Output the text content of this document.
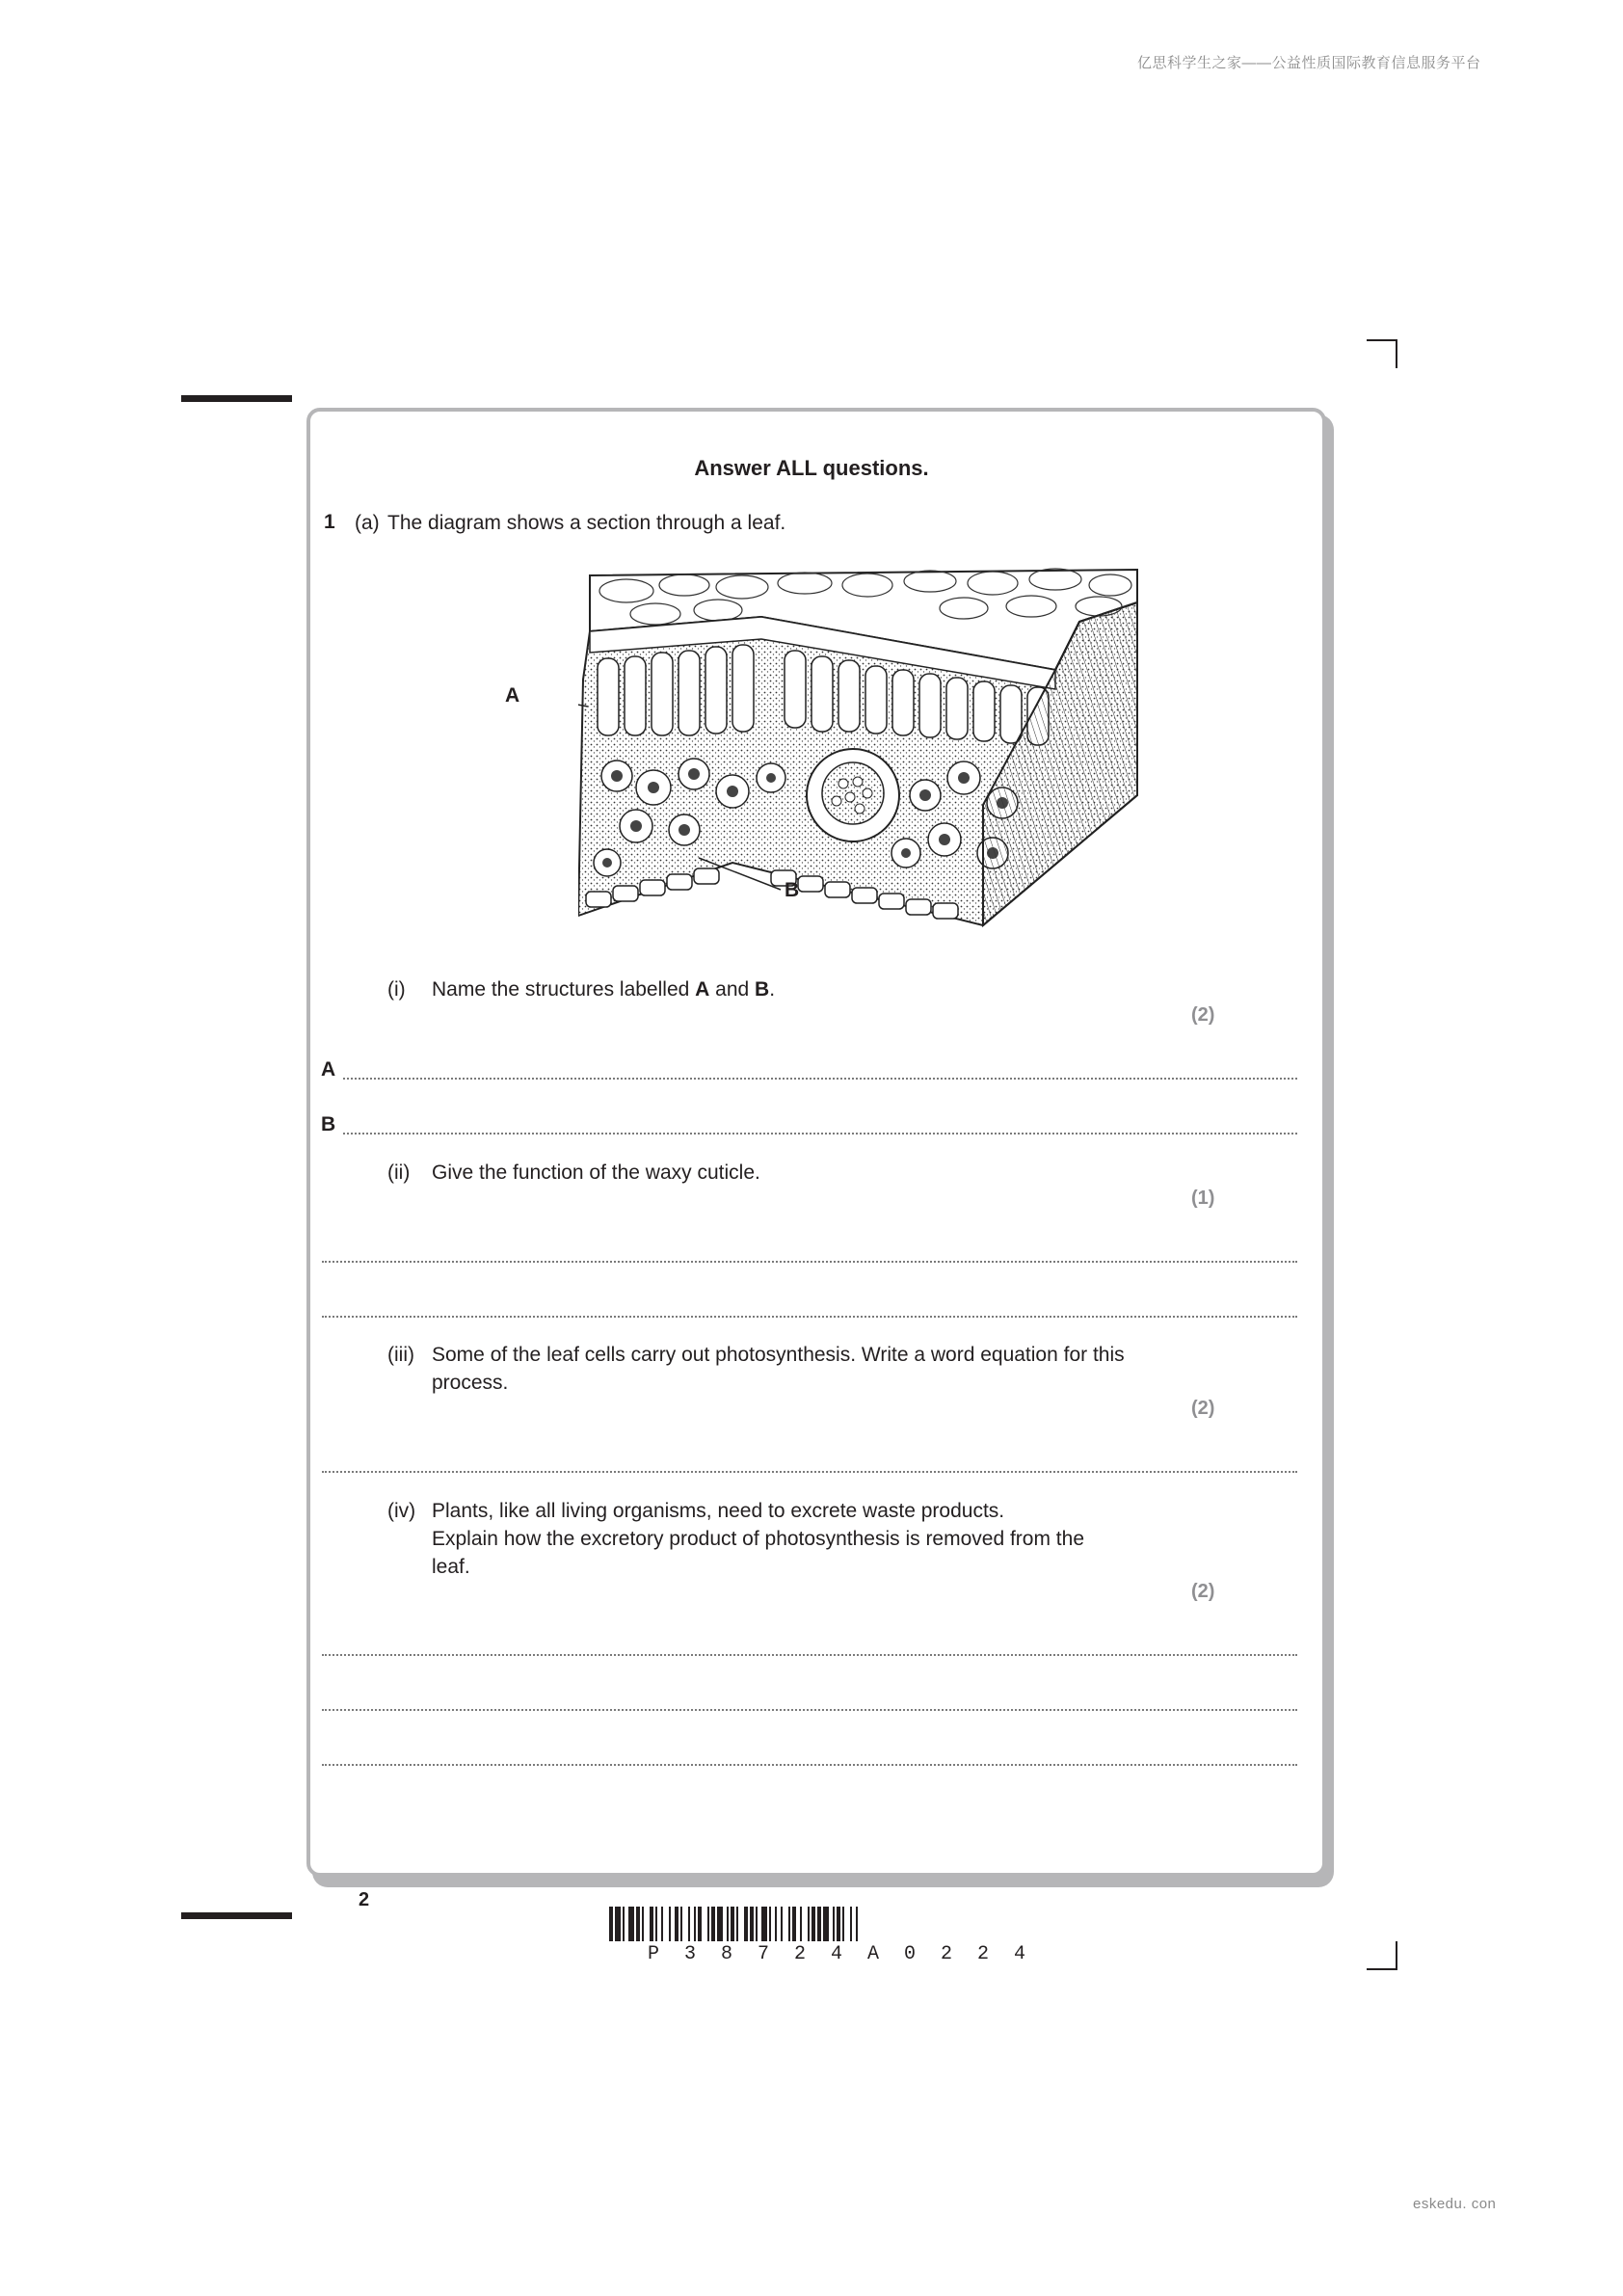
亿思科学生之家——公益性质国际教育信息服务平台
eskedu. con
Answer ALL questions.
1 (a) The diagram shows a section through a leaf.
A
B
(i) Name the structures labelled A and B.
(2)
A
B
(ii) Give the function of the waxy cuticle.
(1)
(iii) Some of the leaf cells carry out photosynthesis. Write a word equation for this
process.
(2)
(iv) Plants, like all living organisms, need to excrete waste products.
Explain how the excretory product of photosynthesis is removed from the
leaf.
(2)
2
P38724A0224
